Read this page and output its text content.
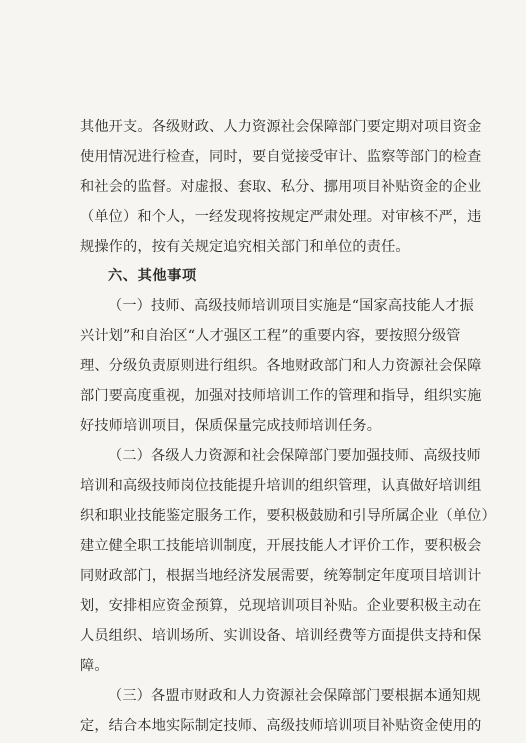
其他开支。各级财政、人力资源社会保障部门要定期对项目资金
使用情况进行检查，同时，要自觉接受审计、监察等部门的检查
和社会的监督。对虚报、套取、私分、挪用项目补贴资金的企业
（单位）和个人，一经发现将按规定严肃处理。对审核不严，违
规操作的，按有关规定追究相关部门和单位的责任。
六、其他事项
（一）技师、高级技师培训项目实施是“国家高技能人才振
兴计划”和自治区“人才强区工程”的重要内容，要按照分级管
理、分级负责原则进行组织。各地财政部门和人力资源社会保障
部门要高度重视，加强对技师培训工作的管理和指导，组织实施
好技师培训项目，保质保量完成技师培训任务。
（二）各级人力资源和社会保障部门要加强技师、高级技师
培训和高级技师岗位技能提升培训的组织管理，认真做好培训组
织和职业技能鉴定服务工作，要积极鼓励和引导所属企业（单位）
建立健全职工技能培训制度，开展技能人才评价工作，要积极会
同财政部门，根据当地经济发展需要，统筹制定年度项目培训计
划，安排相应资金预算，兑现培训项目补贴。企业要积极主动在
人员组织、培训场所、实训设备、培训经费等方面提供支持和保
障。
（三）各盟市财政和人力资源社会保障部门要根据本通知规
定，结合本地实际制定技师、高级技师培训项目补贴资金使用的
